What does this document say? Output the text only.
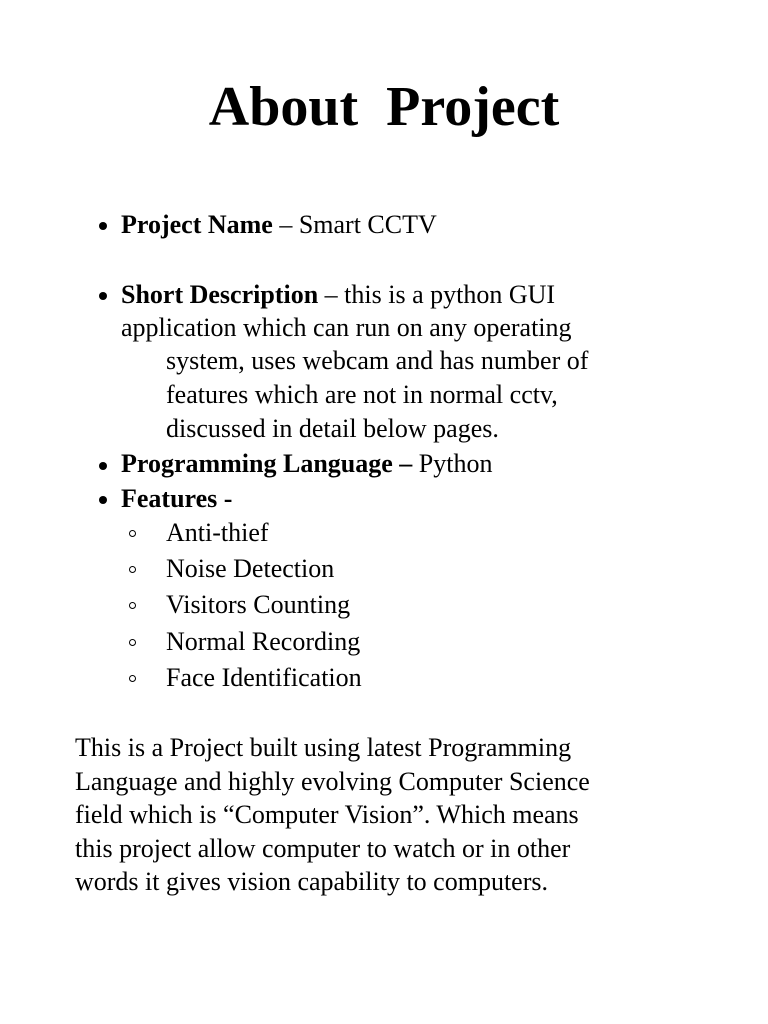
About  Project
Project Name – Smart CCTV
Short Description – this is a python GUI
application which can run on any operating
system, uses webcam and has number of
features which are not in normal cctv,
discussed in detail below pages.
Programming Language – Python
Features -
Anti-thief
Noise Detection
Visitors Counting
Normal Recording
Face Identification
This is a Project built using latest Programming
Language and highly evolving Computer Science
field which is “Computer Vision”. Which means
this project allow computer to watch or in other
words it gives vision capability to computers.
